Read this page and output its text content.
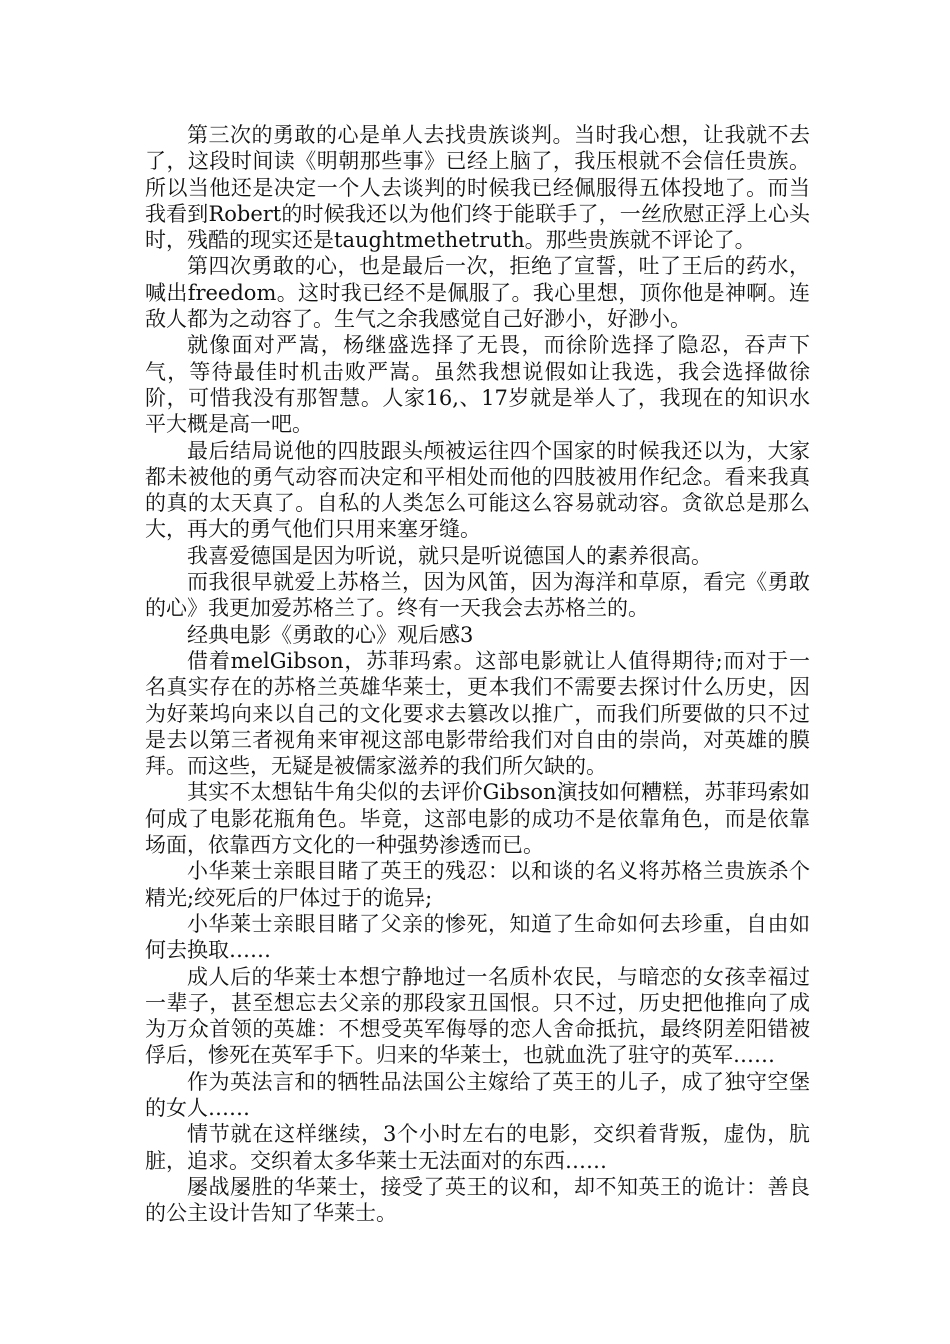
第三次的勇敢的心是单人去找贵族谈判。当时我心想，让我就不去了，这段时间读《明朝那些事》已经上脑了，我压根就不会信任贵族。所以当他还是决定一个人去谈判的时候我已经佩服得五体投地了。而当我看到Robert的时候我还以为他们终于能联手了，一丝欣慰正浮上心头时，残酷的现实还是taughtmethetruth。那些贵族就不评论了。

第四次勇敢的心，也是最后一次，拒绝了宣誓，吐了王后的药水，喊出freedom。这时我已经不是佩服了。我心里想，顶你他是神啊。连敌人都为之动容了。生气之余我感觉自己好渺小，好渺小。

就像面对严嵩，杨继盛选择了无畏，而徐阶选择了隐忍，吞声下气，等待最佳时机击败严嵩。虽然我想说假如让我选，我会选择做徐阶，可惜我没有那智慧。人家16,、17岁就是举人了，我现在的知识水平大概是高一吧。

最后结局说他的四肢跟头颅被运往四个国家的时候我还以为，大家都未被他的勇气动容而决定和平相处而他的四肢被用作纪念。看来我真的真的太天真了。自私的人类怎么可能这么容易就动容。贪欲总是那么大，再大的勇气他们只用来塞牙缝。

我喜爱德国是因为听说，就只是听说德国人的素养很高。

而我很早就爱上苏格兰，因为风笛，因为海洋和草原，看完《勇敢的心》我更加爱苏格兰了。终有一天我会去苏格兰的。

经典电影《勇敢的心》观后感3

借着melGibson，苏菲玛索。这部电影就让人值得期待;而对于一名真实存在的苏格兰英雄华莱士，更本我们不需要去探讨什么历史，因为好莱坞向来以自己的文化要求去篡改以推广，而我们所要做的只不过是去以第三者视角来审视这部电影带给我们对自由的崇尚，对英雄的膜拜。而这些，无疑是被儒家滋养的我们所欠缺的。

其实不太想钻牛角尖似的去评价Gibson演技如何糟糕，苏菲玛索如何成了电影花瓶角色。毕竟，这部电影的成功不是依靠角色，而是依靠场面，依靠西方文化的一种强势渗透而已。

小华莱士亲眼目睹了英王的残忍：以和谈的名义将苏格兰贵族杀个精光;绞死后的尸体过于的诡异;

小华莱士亲眼目睹了父亲的惨死，知道了生命如何去珍重，自由如何去换取……

成人后的华莱士本想宁静地过一名质朴农民，与暗恋的女孩幸福过一辈子，甚至想忘去父亲的那段家丑国恨。只不过，历史把他推向了成为万众首领的英雄：不想受英军侮辱的恋人舍命抵抗，最终阴差阳错被俘后，惨死在英军手下。归来的华莱士，也就血洗了驻守的英军……

作为英法言和的牺牲品法国公主嫁给了英王的儿子，成了独守空堡的女人……

情节就在这样继续，3个小时左右的电影，交织着背叛，虚伪，肮脏，追求。交织着太多华莱士无法面对的东西……

屡战屡胜的华莱士，接受了英王的议和，却不知英王的诡计：善良的公主设计告知了华莱士。
